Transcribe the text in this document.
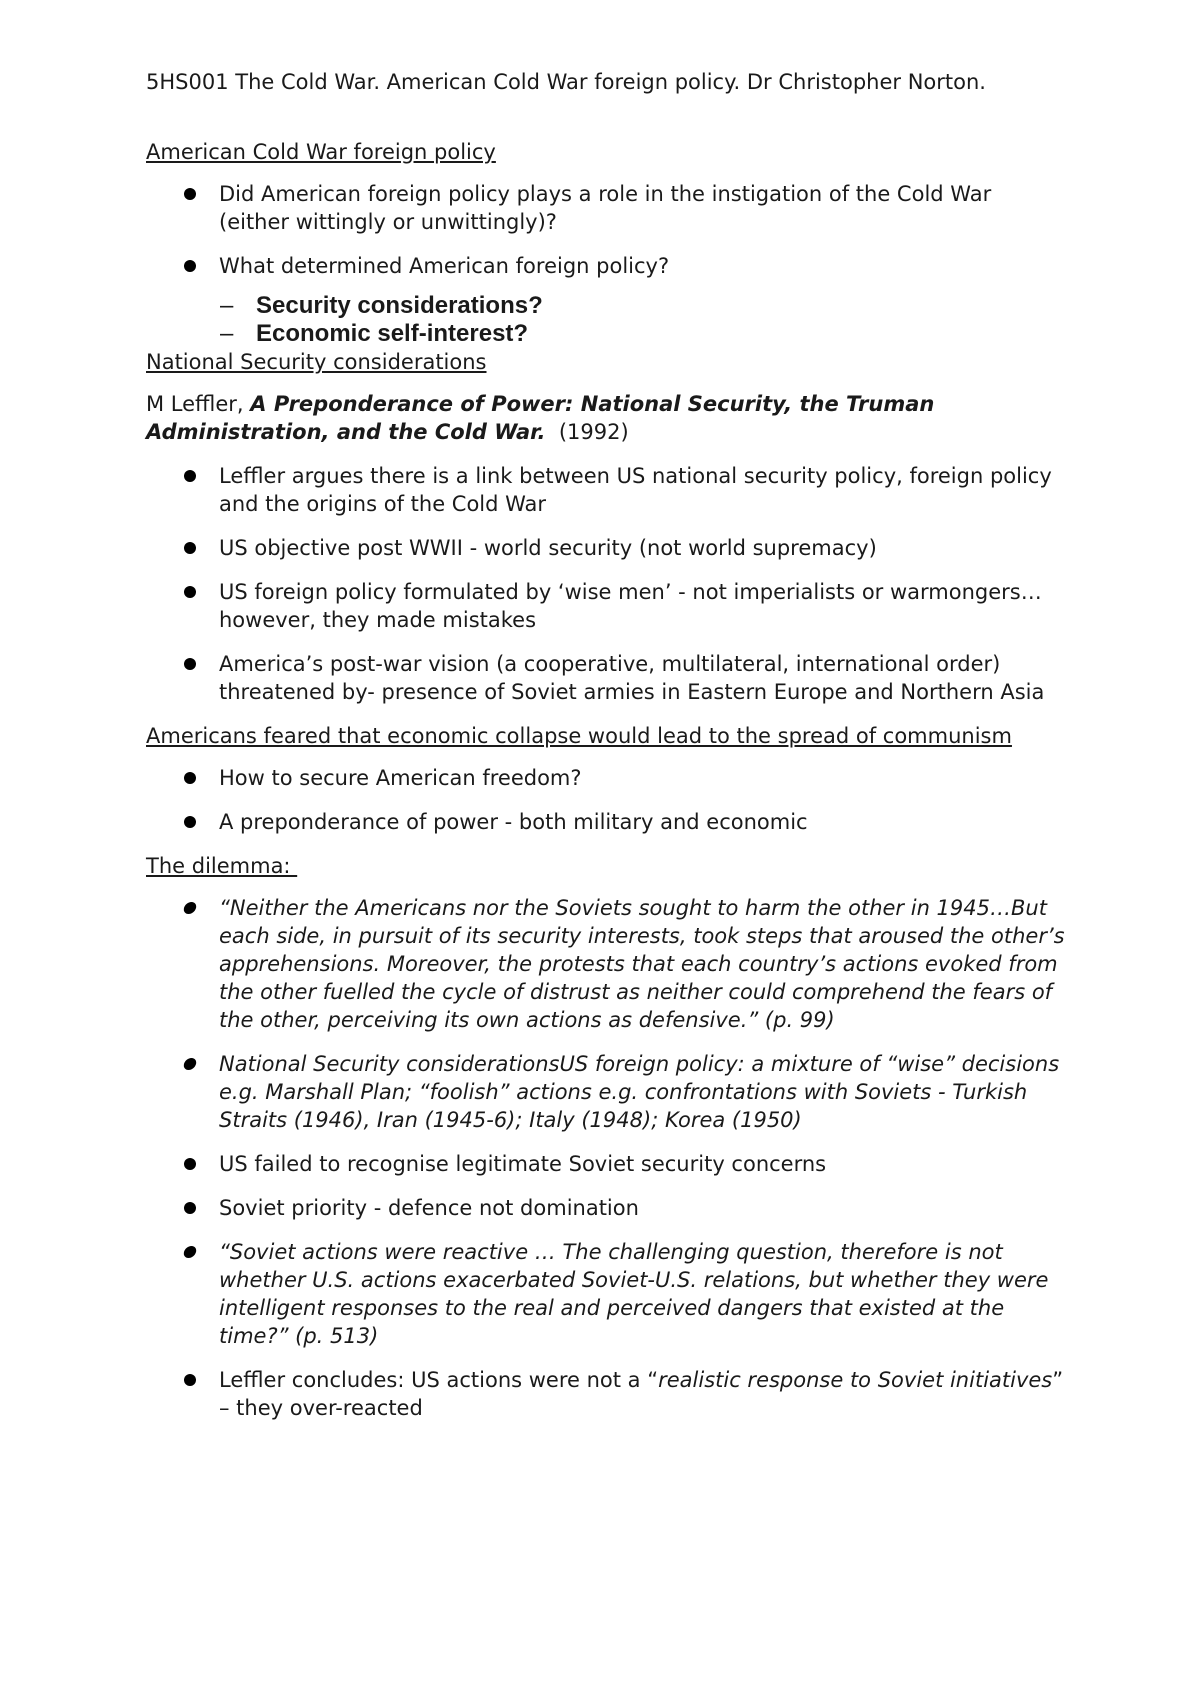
5HS001 The Cold War. American Cold War foreign policy. Dr Christopher Norton.
American Cold War foreign policy
Did American foreign policy plays a role in the instigation of the Cold War (either wittingly or unwittingly)?
What determined American foreign policy?
– Security considerations?
– Economic self-interest?
National Security considerations
M Leffler, A Preponderance of Power: National Security, the Truman Administration, and the Cold War.  (1992)
Leffler argues there is a link between US national security policy, foreign policy and the origins of the Cold War
US objective post WWII - world security (not world supremacy)
US foreign policy formulated by ‘wise men’ - not imperialists or warmongers…however, they made mistakes
America’s post-war vision (a cooperative, multilateral, international order) threatened by- presence of Soviet armies in Eastern Europe and Northern Asia
Americans feared that economic collapse would lead to the spread of communism
How to secure American freedom?
A preponderance of power - both military and economic
The dilemma:
“Neither the Americans nor the Soviets sought to harm the other in 1945…But each side, in pursuit of its security interests, took steps that aroused the other’s apprehensions. Moreover, the protests that each country’s actions evoked from the other fuelled the cycle of distrust as neither could comprehend the fears of the other, perceiving its own actions as defensive.” (p. 99)
National Security considerationsUS foreign policy: a mixture of “wise” decisions e.g. Marshall Plan; “foolish” actions e.g. confrontations with Soviets - Turkish Straits (1946), Iran (1945-6); Italy (1948); Korea (1950)
US failed to recognise legitimate Soviet security concerns
Soviet priority - defence not domination
“Soviet actions were reactive … The challenging question, therefore is not whether U.S. actions exacerbated Soviet-U.S. relations, but whether they were intelligent responses to the real and perceived dangers that existed at the time?” (p. 513)
Leffler concludes: US actions were not a “realistic response to Soviet initiatives” – they over-reacted
